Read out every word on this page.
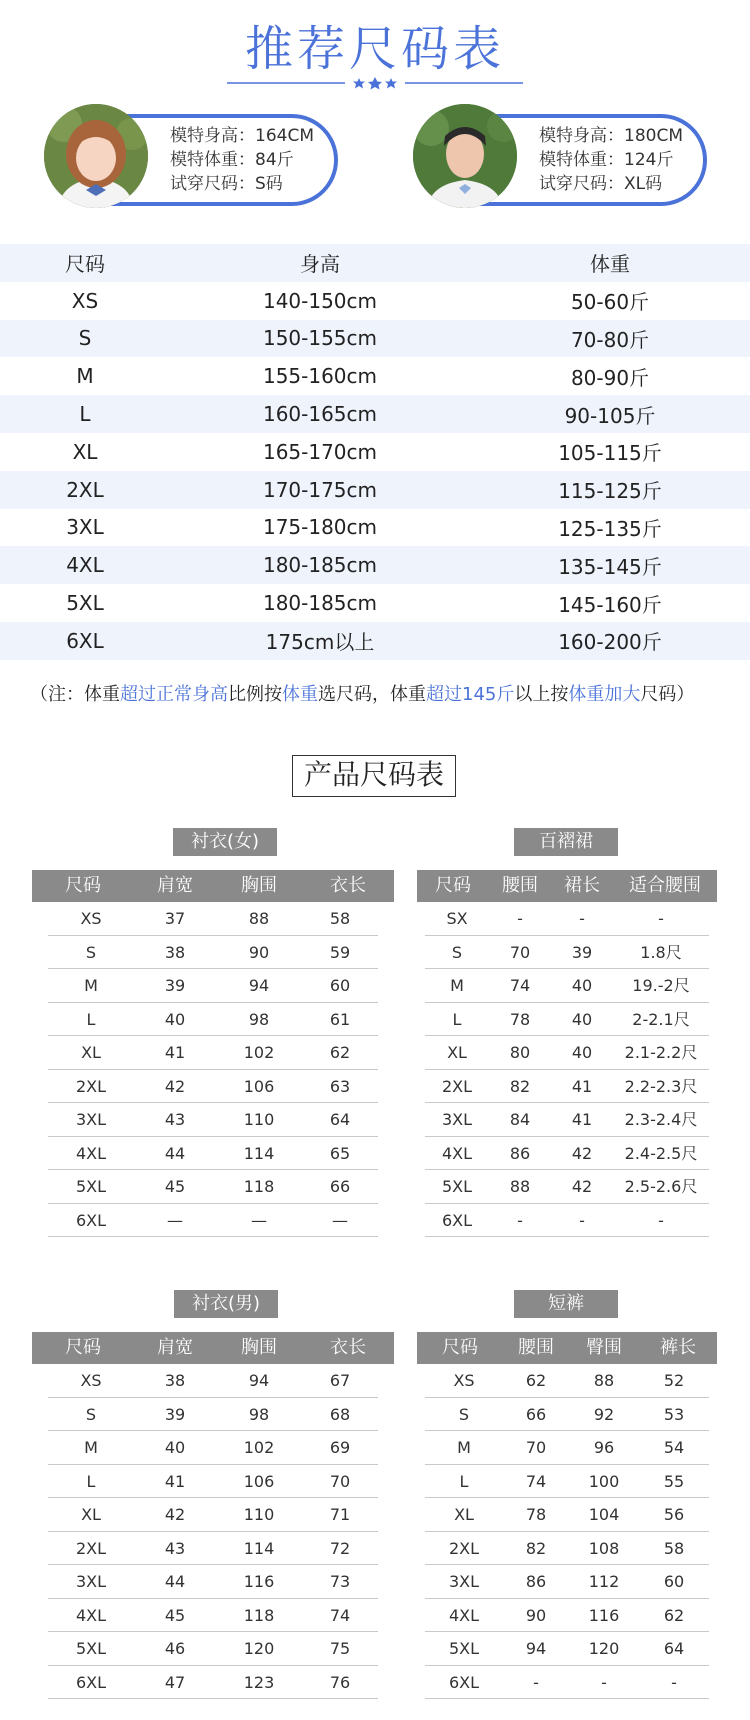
推荐尺码表
模特身高：164CM
模特体重：84斤
试穿尺码：S码
模特身高：180CM
模特体重：124斤
试穿尺码：XL码
尺码	身高	体重
XS	140-150cm	50-60斤
S	150-155cm	70-80斤
M	155-160cm	80-90斤
L	160-165cm	90-105斤
XL	165-170cm	105-115斤
2XL	170-175cm	115-125斤
3XL	175-180cm	125-135斤
4XL	180-185cm	135-145斤
5XL	180-185cm	145-160斤
6XL	175cm以上	160-200斤
（注：体重超过正常身高比例按体重选尺码，体重超过145斤以上按体重加大尺码）
产品尺码表
衬衣(女)
尺码	肩宽	胸围	衣长
XS	37	88	58
S	38	90	59
M	39	94	60
L	40	98	61
XL	41	102	62
2XL	42	106	63
3XL	43	110	64
4XL	44	114	65
5XL	45	118	66
6XL	—	—	—
百褶裙
尺码	腰围	裙长	适合腰围
SX	-	-	-
S	70	39	1.8尺
M	74	40	19.-2尺
L	78	40	2-2.1尺
XL	80	40	2.1-2.2尺
2XL	82	41	2.2-2.3尺
3XL	84	41	2.3-2.4尺
4XL	86	42	2.4-2.5尺
5XL	88	42	2.5-2.6尺
6XL	-	-	-
衬衣(男)
尺码	肩宽	胸围	衣长
XS	38	94	67
S	39	98	68
M	40	102	69
L	41	106	70
XL	42	110	71
2XL	43	114	72
3XL	44	116	73
4XL	45	118	74
5XL	46	120	75
6XL	47	123	76
短裤
尺码	腰围	臀围	裤长
XS	62	88	52
S	66	92	53
M	70	96	54
L	74	100	55
XL	78	104	56
2XL	82	108	58
3XL	86	112	60
4XL	90	116	62
5XL	94	120	64
6XL	-	-	-
